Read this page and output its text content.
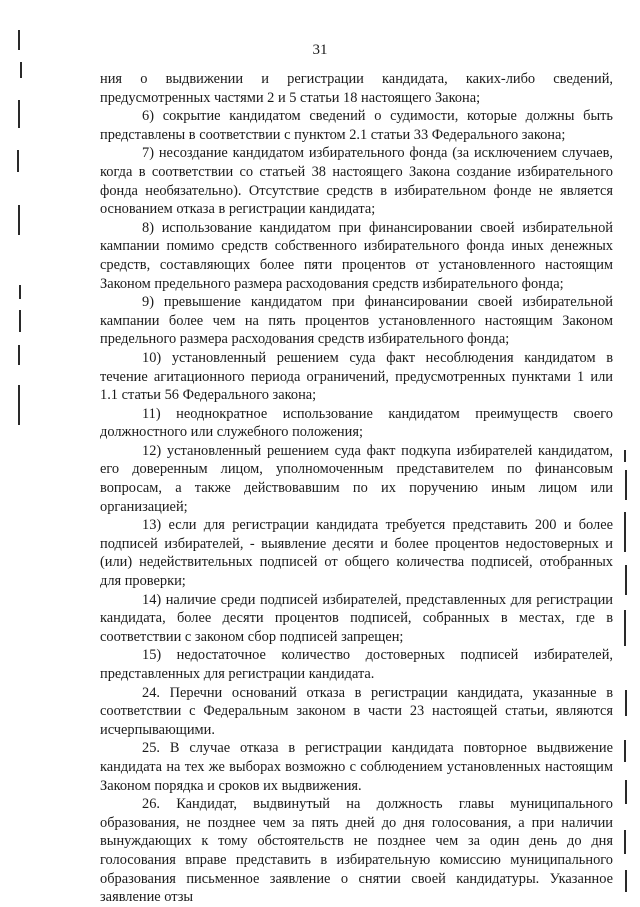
31

ния о выдвижении и регистрации кандидата, каких-либо сведений, предусмотренных частями 2 и 5 статьи 18 настоящего Закона;

6) сокрытие кандидатом сведений о судимости, которые должны быть представлены в соответствии с пунктом 2.1 статьи 33 Федерального закона;

7) несоздание кандидатом избирательного фонда (за исключением случаев, когда в соответствии со статьей 38 настоящего Закона создание избирательного фонда необязательно). Отсутствие средств в избирательном фонде не является основанием отказа в регистрации кандидата;

8) использование кандидатом при финансировании своей избирательной кампании помимо средств собственного избирательного фонда иных денежных средств, составляющих более пяти процентов от установленного настоящим Законом предельного размера расходования средств избирательного фонда;

9) превышение кандидатом при финансировании своей избирательной кампании более чем на пять процентов установленного настоящим Законом предельного размера расходования средств избирательного фонда;

10) установленный решением суда факт несоблюдения кандидатом в течение агитационного периода ограничений, предусмотренных пунктами 1 или 1.1 статьи 56 Федерального закона;

11) неоднократное использование кандидатом преимуществ своего должностного или служебного положения;

12) установленный решением суда факт подкупа избирателей кандидатом, его доверенным лицом, уполномоченным представителем по финансовым вопросам, а также действовавшим по их поручению иным лицом или организацией;

13) если для регистрации кандидата требуется представить 200 и более подписей избирателей, - выявление десяти и более процентов недостоверных и (или) недействительных подписей от общего количества подписей, отобранных для проверки;

14) наличие среди подписей избирателей, представленных для регистрации кандидата, более десяти процентов подписей, собранных в местах, где в соответствии с законом сбор подписей запрещен;

15) недостаточное количество достоверных подписей избирателей, представленных для регистрации кандидата.

24. Перечни оснований отказа в регистрации кандидата, указанные в соответствии с Федеральным законом в части 23 настоящей статьи, являются исчерпывающими.

25. В случае отказа в регистрации кандидата повторное выдвижение кандидата на тех же выборах возможно с соблюдением установленных настоящим Законом порядка и сроков их выдвижения.

26. Кандидат, выдвинутый на должность главы муниципального образования, не позднее чем за пять дней до дня голосования, а при наличии вынуждающих к тому обстоятельств не позднее чем за один день до дня голосования вправе представить в избирательную комиссию муниципального образования письменное заявление о снятии своей кандидатуры. Указанное заявление отзы
